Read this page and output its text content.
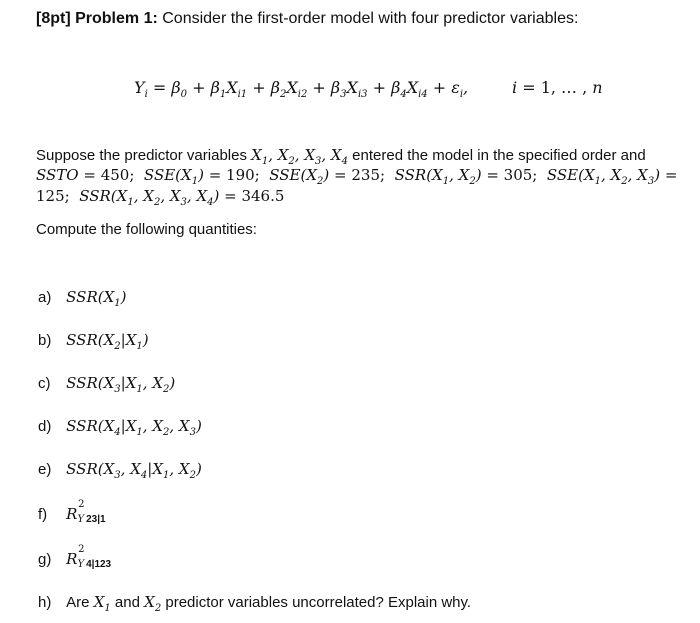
[8pt] Problem 1: Consider the first-order model with four predictor variables:
$Y_i = \beta_0 + \beta_1X_{i1} + \beta_2X_{i2} + \beta_3X_{i3} + \beta_4X_{i4} + \varepsilon_i$,	i = 1, … , n
Suppose the predictor variables $X_1$, $X_2$, $X_3$, $X_4$ entered the model in the specified order and
SSTO = 450;  $SSE(X_1) = 190$;  $SSE(X_2) = 235$;  $SSR(X_1$, $X_2) = 305$;  $SSE(X_1$, $X_2$, $X_3$) =
125;  $SSR(X_1$, $X_2$, $X_3$, $X_4) = 346.5$
Compute the following quantities:
a) $SSR(X_1)$
b) $SSR(X_2|X_1)$
c) $SSR(X_3|X_1$, $X_2$)
d) $SSR(X_4|X_1$, $X_2$, $X_3$)
e) $SSR(X_3$, $X_4|X_1$, $X_2$)
f) R
2
$_Y$ $_{23|1}$
g) R
2
$_Y$ $_{4|123}$
h) Are $X_1$ and $X_2$ predictor variables uncorrelated? Explain why.
